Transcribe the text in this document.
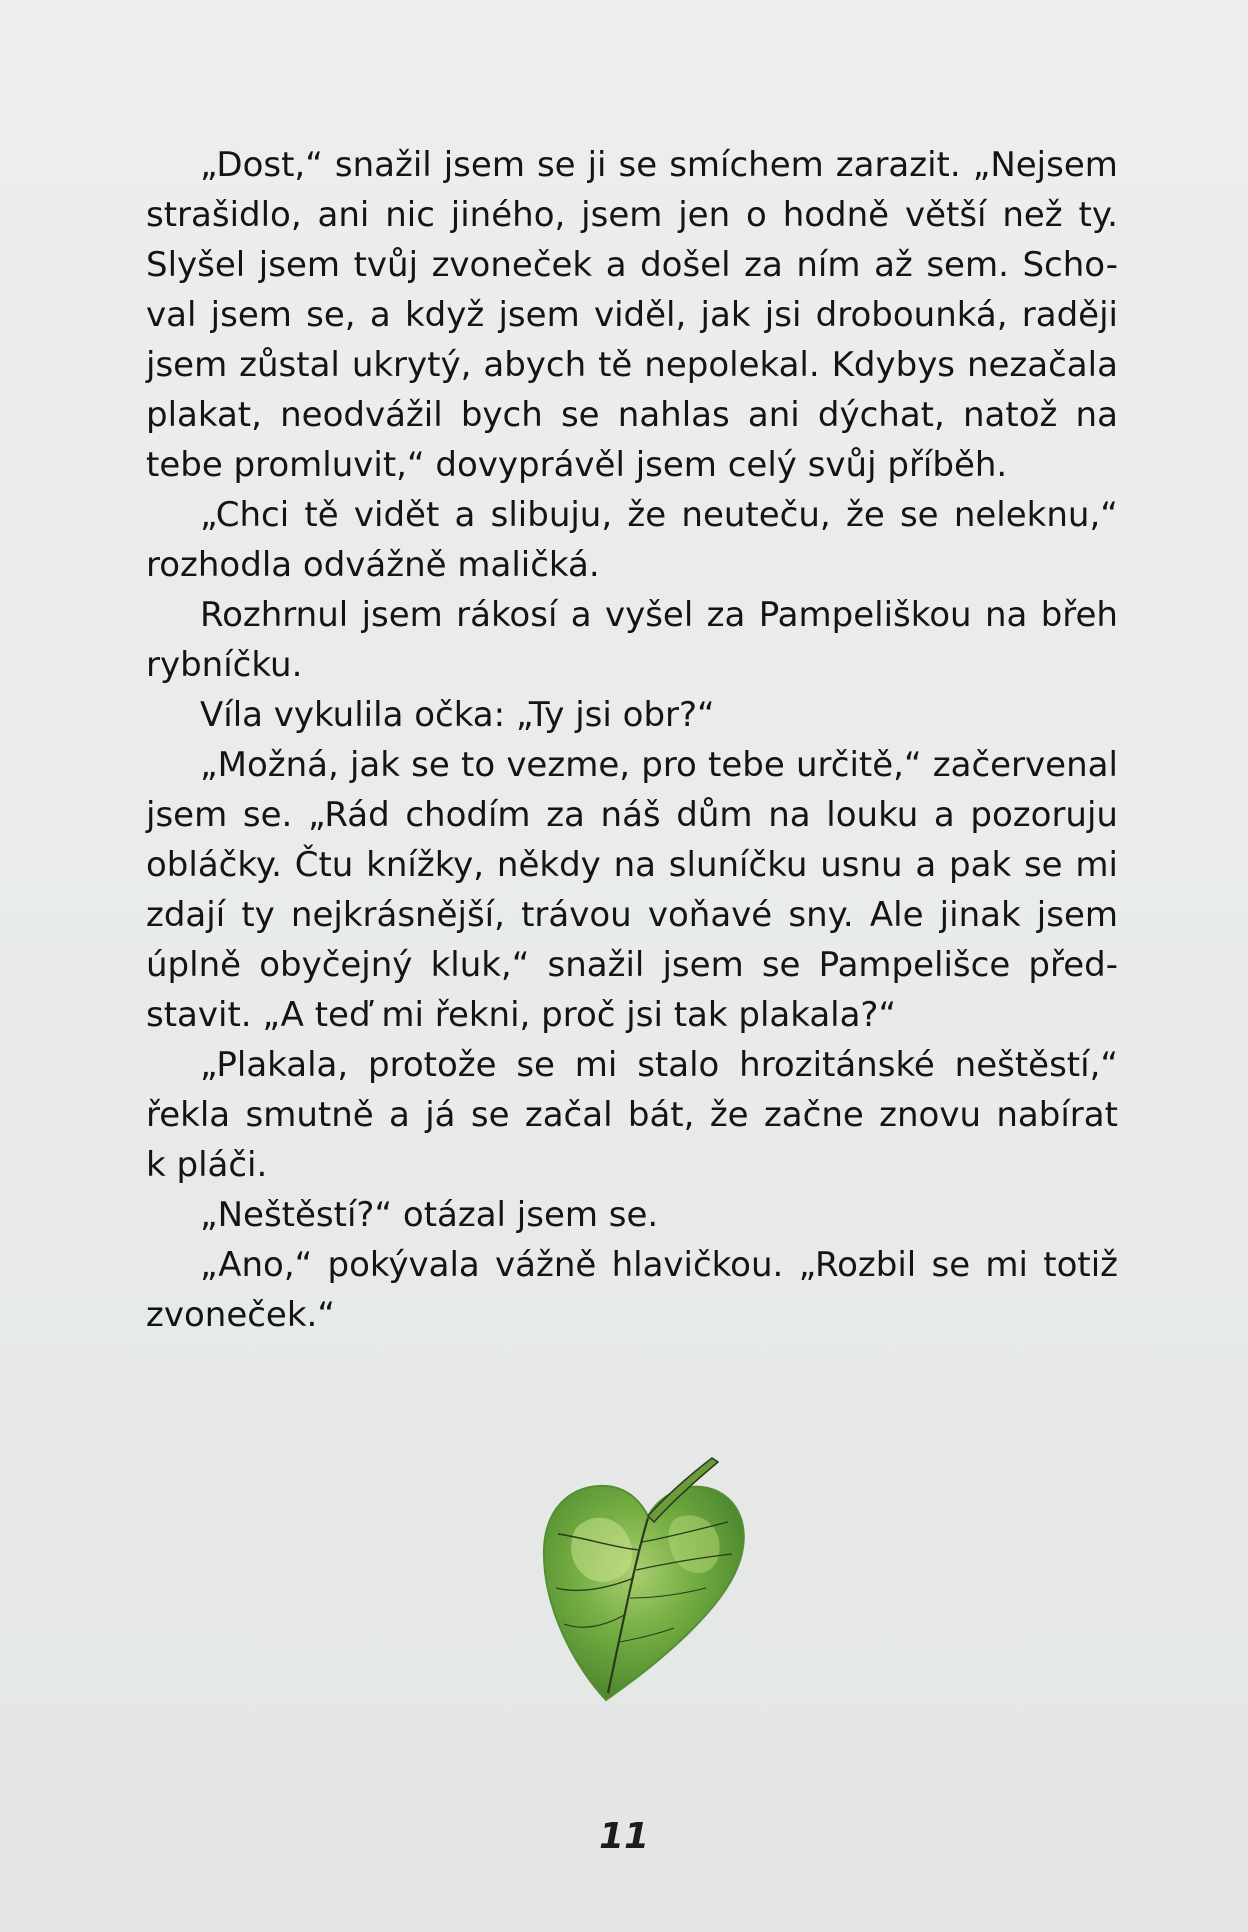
„Dost,“ snažil jsem se ji se smíchem zarazit. „Nejsem
strašidlo, ani nic jiného, jsem jen o hodně větší než ty.
Slyšel jsem tvůj zvoneček a došel za ním až sem. Scho-
val jsem se, a když jsem viděl, jak jsi drobounká, raději
jsem zůstal ukrytý, abych tě nepolekal. Kdybys nezačala
plakat, neodvážil bych se nahlas ani dýchat, natož na
tebe promluvit,“ dovyprávěl jsem celý svůj příběh.
„Chci tě vidět a slibuju, že neuteču, že se neleknu,“
rozhodla odvážně maličká.
Rozhrnul jsem rákosí a vyšel za Pampeliškou na břeh
rybníčku.
Víla vykulila očka: „Ty jsi obr?“
„Možná, jak se to vezme, pro tebe určitě,“ začervenal
jsem se. „Rád chodím za náš dům na louku a pozoruju
obláčky. Čtu knížky, někdy na sluníčku usnu a pak se mi
zdají ty nejkrásnější, trávou voňavé sny. Ale jinak jsem
úplně obyčejný kluk,“ snažil jsem se Pampelišce před-
stavit. „A teď mi řekni, proč jsi tak plakala?“
„Plakala, protože se mi stalo hrozitánské neštěstí,“
řekla smutně a já se začal bát, že začne znovu nabírat
k pláči.
„Neštěstí?“ otázal jsem se.
„Ano,“ pokývala vážně hlavičkou. „Rozbil se mi totiž
zvoneček.“
11
